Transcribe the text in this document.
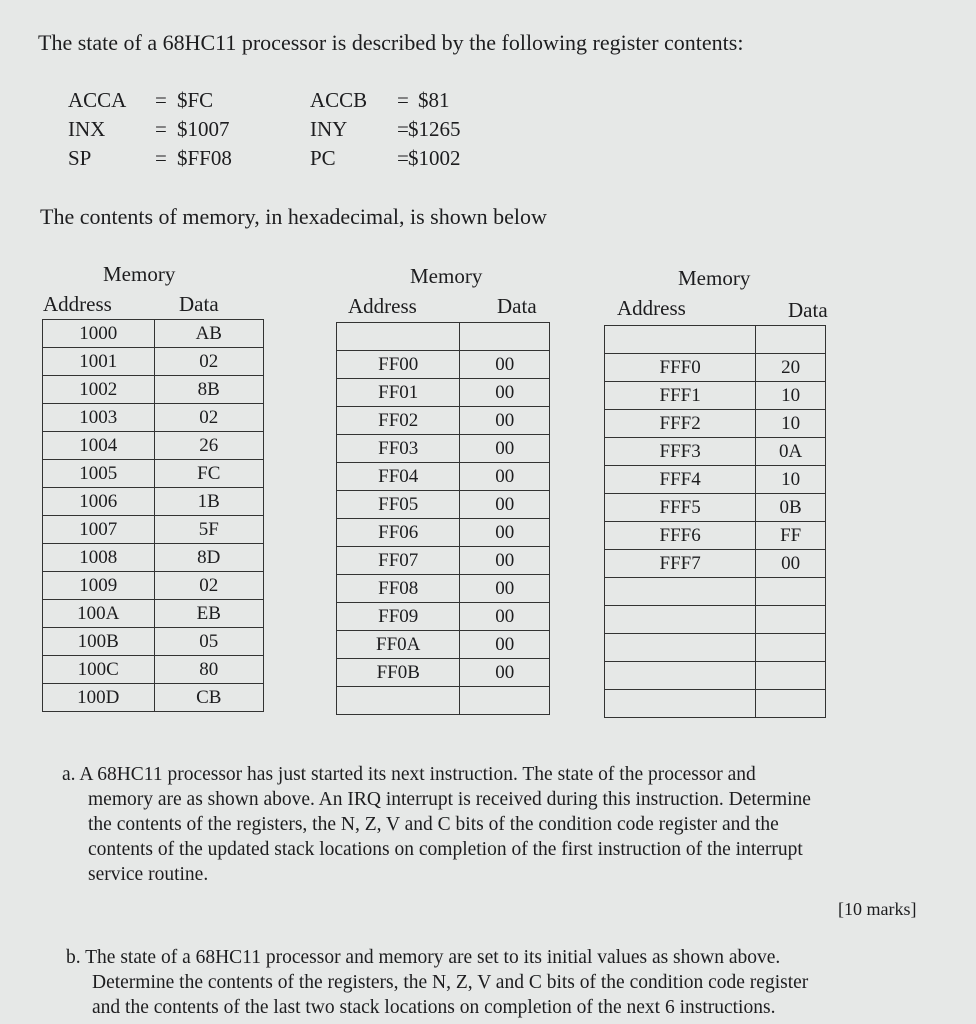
The state of a 68HC11 processor is described by the following register contents:
ACCA = $FC
INX = $1007
SP	= $FF08
ACCB = $81
INY = $1265
PC	= $1002
The contents of memory, in hexadecimal, is shown below
Memory
Address	Data
Memory
Address	Data
Memory
Address	Data
1000	AB
1001	02
1002	8B
1003	02
1004	26
1005	FC
1006	1B
1007	5F
1008	8D
1009	02
100A	EB
100B	05
100C	80
100D	CB

FF00	00
FF01	00
FF02	00
FF03	00
FF04	00
FF05	00
FF06	00
FF07	00
FF08	00
FF09	00
FF0A	00
FF0B	00

FFF0	20
FFF1	10
FFF2	10
FFF3	0A
FFF4	10
FFF5	0B
FFF6	FF
FFF7	00

a. A 68HC11 processor has just started its next instruction. The state of the processor and
memory are as shown above. An IRQ interrupt is received during this instruction. Determine
the contents of the registers, the N, Z, V and C bits of the condition code register and the
contents of the updated stack locations on completion of the first instruction of the interrupt
service routine.
[10 marks]
b. The state of a 68HC11 processor and memory are set to its initial values as shown above.
Determine the contents of the registers, the N, Z, V and C bits of the condition code register
and the contents of the last two stack locations on completion of the next 6 instructions.
